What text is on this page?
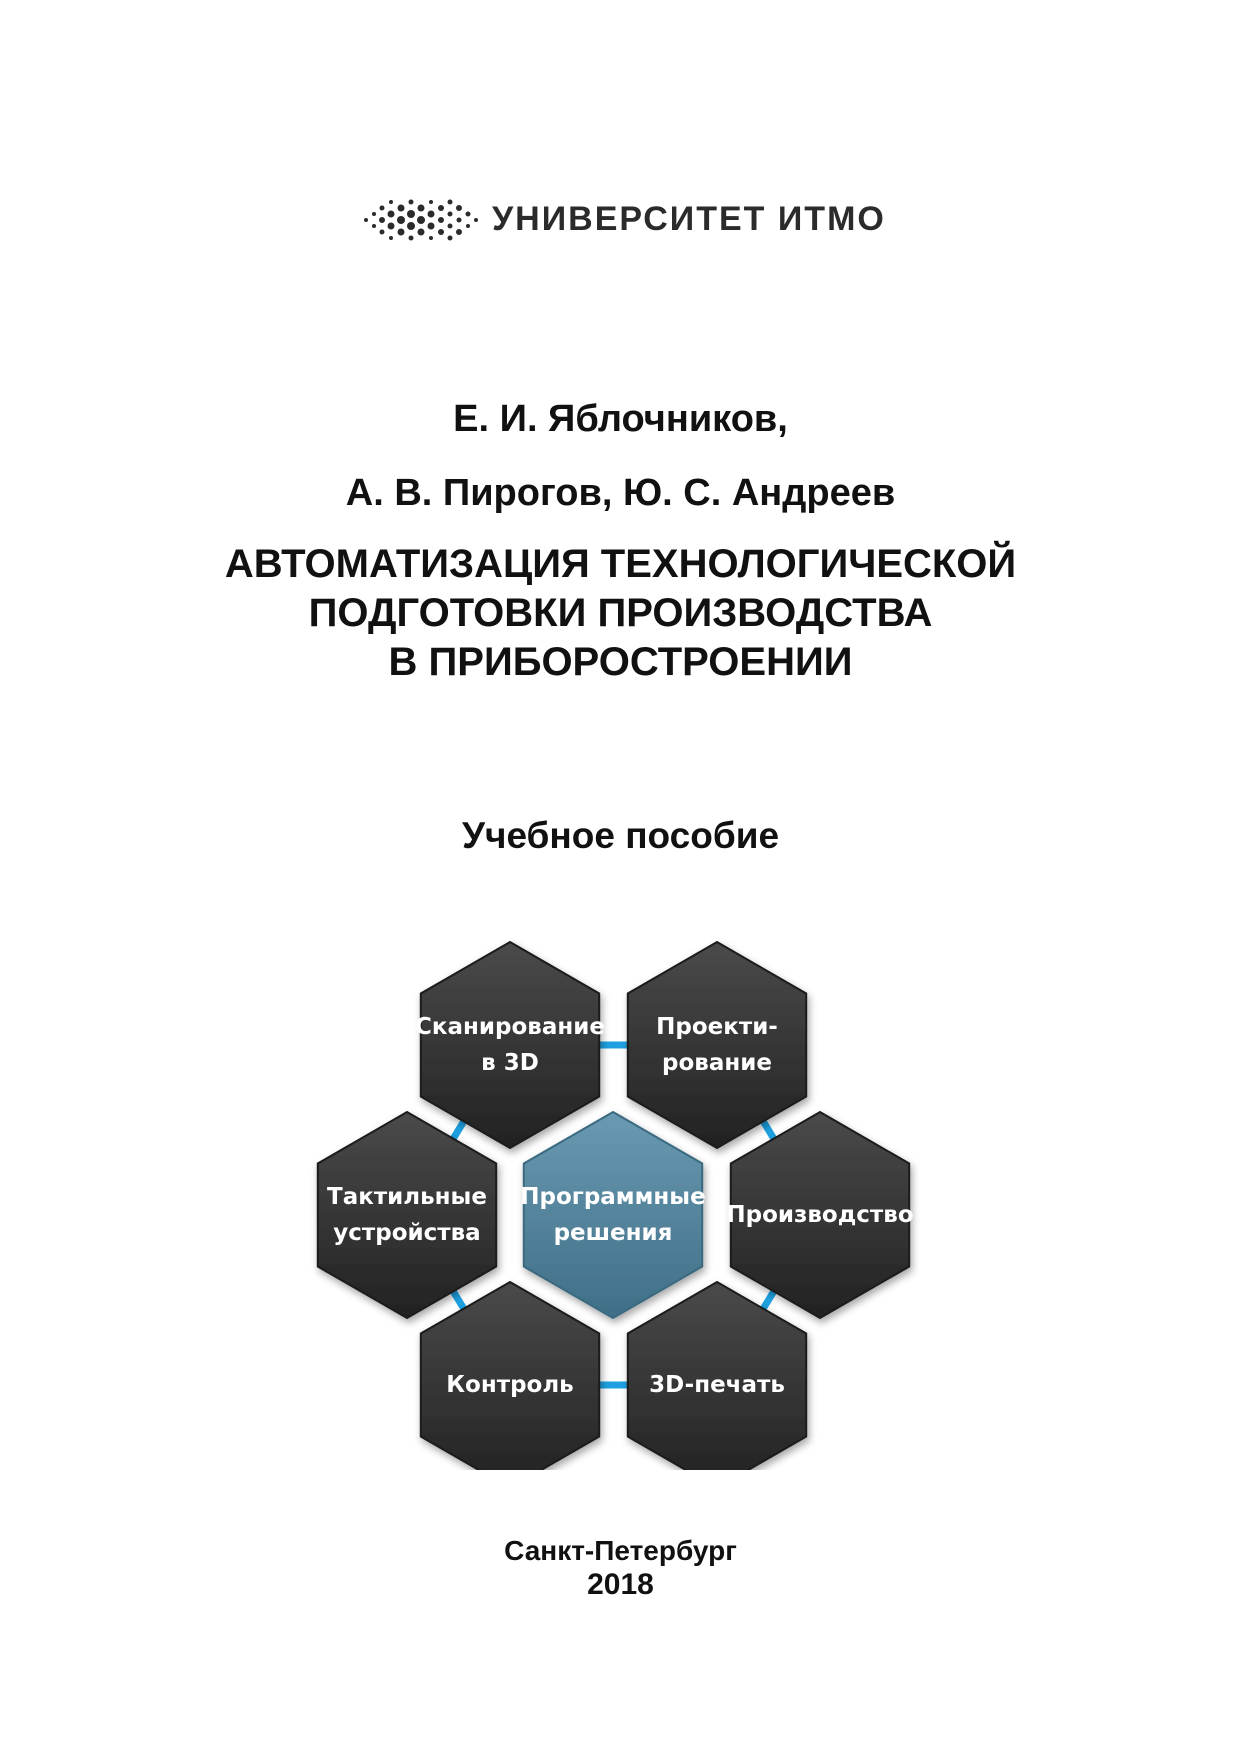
УНИВЕРСИТЕТ ИТМО
Е. И. Яблочников,
А. В. Пирогов, Ю. С. Андреев
АВТОМАТИЗАЦИЯ ТЕХНОЛОГИЧЕСКОЙ
ПОДГОТОВКИ ПРОИЗВОДСТВА
В ПРИБОРОСТРОЕНИИ
Учебное пособие
Сканирование
в 3D
Проекти-
рование
Тактильные
устройства
Программные
решения
Производство
Контроль	3D-печать
Санкт-Петербург
2018
